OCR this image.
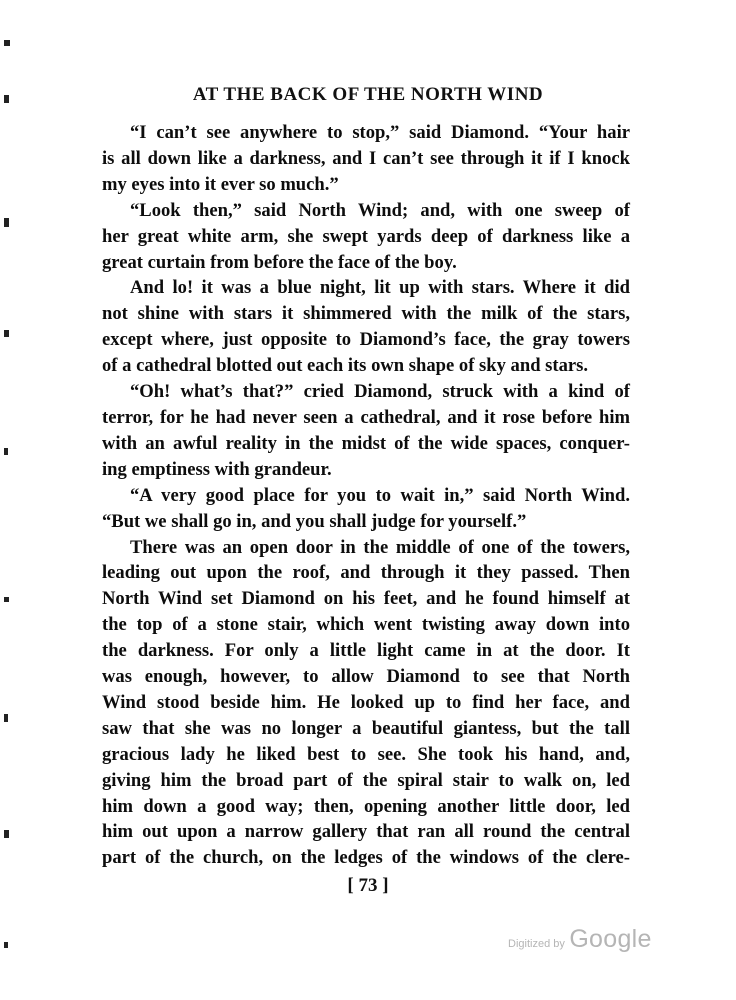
AT THE BACK OF THE NORTH WIND
“I can’t see anywhere to stop,” said Diamond. “Your hair
is all down like a darkness, and I can’t see through it if I knock
my eyes into it ever so much.”
“Look then,” said North Wind; and, with one sweep of
her great white arm, she swept yards deep of darkness like a
great curtain from before the face of the boy.
And lo! it was a blue night, lit up with stars. Where it did
not shine with stars it shimmered with the milk of the stars,
except where, just opposite to Diamond’s face, the gray towers
of a cathedral blotted out each its own shape of sky and stars.
“Oh! what’s that?” cried Diamond, struck with a kind of
terror, for he had never seen a cathedral, and it rose before him
with an awful reality in the midst of the wide spaces, conquer-
ing emptiness with grandeur.
“A very good place for you to wait in,” said North Wind.
“But we shall go in, and you shall judge for yourself.”
There was an open door in the middle of one of the towers,
leading out upon the roof, and through it they passed. Then
North Wind set Diamond on his feet, and he found himself at
the top of a stone stair, which went twisting away down into
the darkness. For only a little light came in at the door. It
was enough, however, to allow Diamond to see that North
Wind stood beside him. He looked up to find her face, and
saw that she was no longer a beautiful giantess, but the tall
gracious lady he liked best to see. She took his hand, and,
giving him the broad part of the spiral stair to walk on, led
him down a good way; then, opening another little door, led
him out upon a narrow gallery that ran all round the central
part of the church, on the ledges of the windows of the clere-
[ 73 ]
Digitized by Google
